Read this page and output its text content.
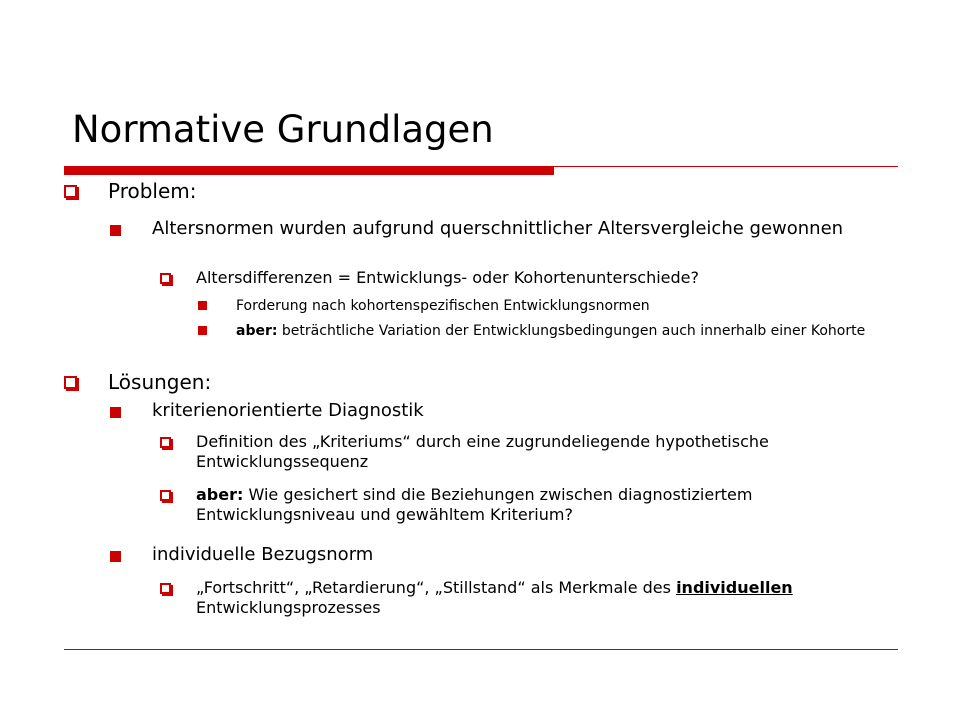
Normative Grundlagen
Problem:
Altersnormen wurden aufgrund querschnittlicher Altersvergleiche gewonnen
Altersdifferenzen = Entwicklungs- oder Kohortenunterschiede?
Forderung nach kohortenspezifischen Entwicklungsnormen
aber: beträchtliche Variation der Entwicklungsbedingungen auch innerhalb einer Kohorte
Lösungen:
kriterienorientierte Diagnostik
Definition des „Kriteriums“ durch eine zugrundeliegende hypothetische Entwicklungssequenz
aber: Wie gesichert sind die Beziehungen zwischen diagnostiziertem Entwicklungsniveau und gewähltem Kriterium?
individuelle Bezugsnorm
„Fortschritt“, „Retardierung“, „Stillstand“ als Merkmale des individuellen Entwicklungsprozesses
